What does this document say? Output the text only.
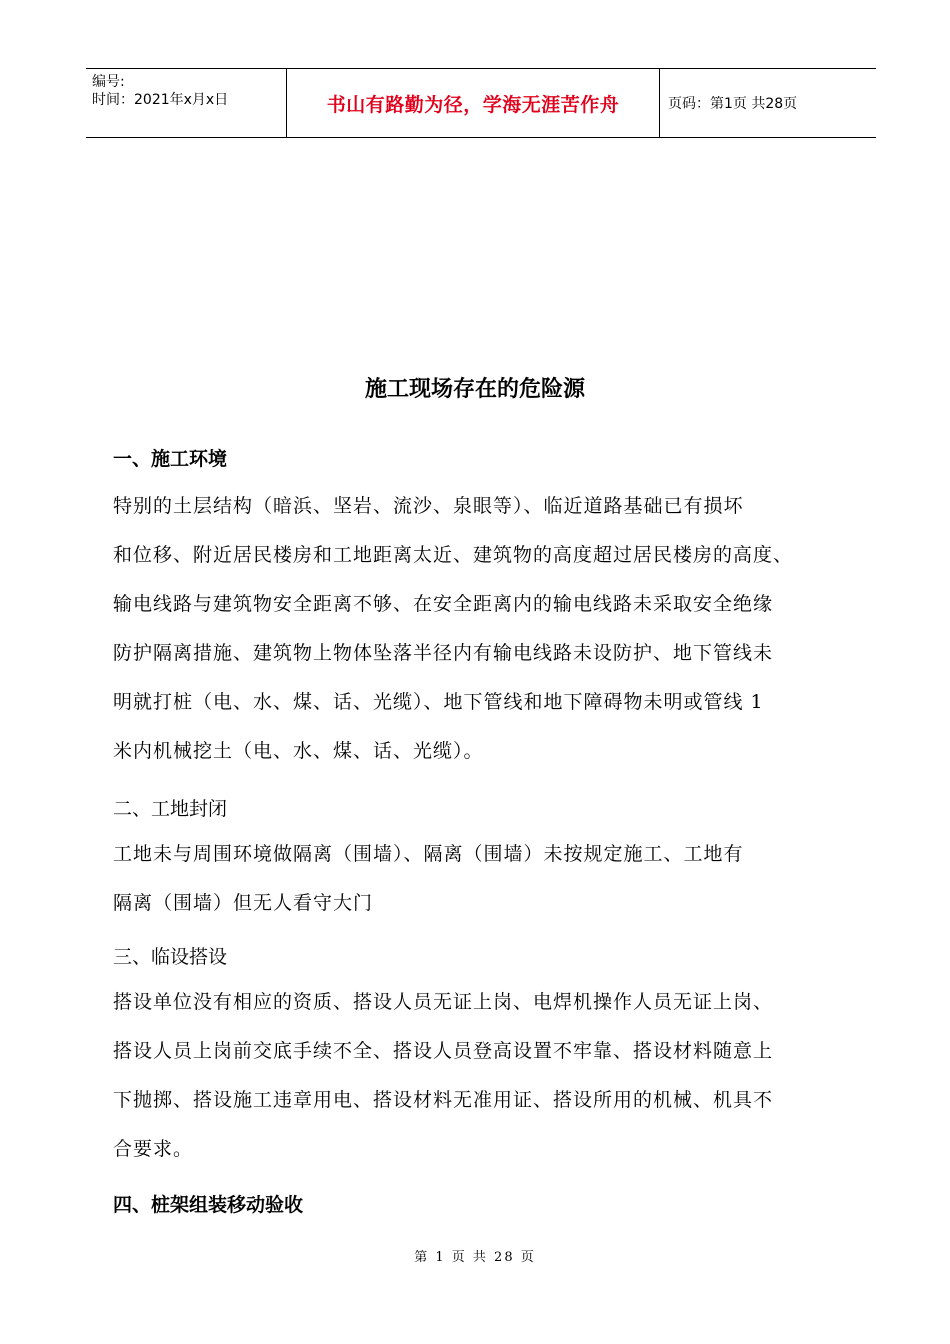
编号:
时间：2021年x月x日	书山有路勤为径，学海无涯苦作舟	页码：第1页 共28页
施工现场存在的危险源
一、施工环境
特别的土层结构（暗浜、坚岩、流沙、泉眼等）、临近道路基础已有损坏
和位移、附近居民楼房和工地距离太近、建筑物的高度超过居民楼房的高度、
输电线路与建筑物安全距离不够、在安全距离内的输电线路未采取安全绝缘
防护隔离措施、建筑物上物体坠落半径内有输电线路未设防护、地下管线未
明就打桩（电、水、煤、话、光缆）、地下管线和地下障碍物未明或管线 1
米内机械挖土（电、水、煤、话、光缆）。
二、工地封闭
工地未与周围环境做隔离（围墙）、隔离（围墙）未按规定施工、工地有
隔离（围墙）但无人看守大门
三、临设搭设
搭设单位没有相应的资质、搭设人员无证上岗、电焊机操作人员无证上岗、
搭设人员上岗前交底手续不全、搭设人员登高设置不牢靠、搭设材料随意上
下抛掷、搭设施工违章用电、搭设材料无准用证、搭设所用的机械、机具不
合要求。
四、桩架组装移动验收
第 1 页 共 28 页
